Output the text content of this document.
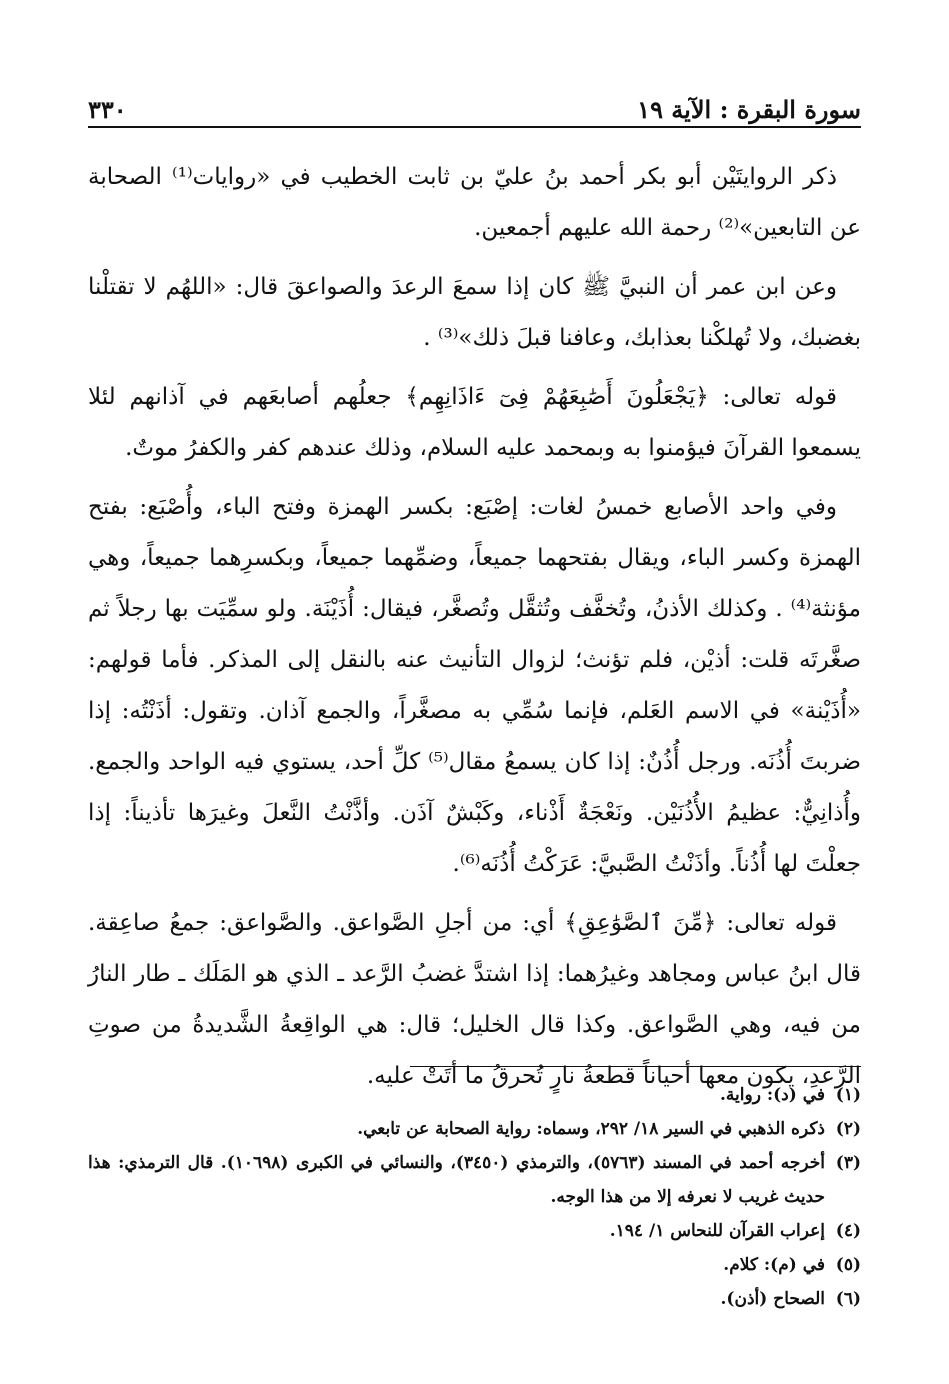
سورة البقرة : الآية ١٩
٣٣٠

ذكر الروايتَيْن أبو بكر أحمد بنُ عليّ بن ثابت الخطيب في «روايات⁽¹⁾ الصحابة عن التابعين»⁽²⁾ رحمة الله عليهم أجمعين.

وعن ابن عمر أن النبيَّ ﷺ كان إذا سمعَ الرعدَ والصواعقَ قال: «اللهُم لا تقتلْنا بغضبك، ولا تُهلكْنا بعذابك، وعافنا قبلَ ذلك»⁽³⁾ .

قوله تعالى: ﴿يَجْعَلُونَ أَصَٰبِعَهُمْ فِىٓ ءَاذَانِهِم﴾ جعلُهم أصابعَهم في آذانهم لئلا يسمعوا القرآنَ فيؤمنوا به وبمحمد عليه السلام، وذلك عندهم كفر والكفرُ موتٌ.

وفي واحد الأصابع خمسُ لغات: إصْبَع: بكسر الهمزة وفتح الباء، وأُصْبَع: بفتح الهمزة وكسر الباء، ويقال بفتحهما جميعاً، وضمِّهما جميعاً، وبكسرِهما جميعاً، وهي مؤنثة⁽⁴⁾ . وكذلك الأذنُ، وتُخفَّف وتُثقَّل وتُصغَّر، فيقال: أُذَيْنَة. ولو سمِّيَت بها رجلاً ثم صغَّرتَه قلت: أذيْن، فلم تؤنث؛ لزوال التأنيث عنه بالنقل إلى المذكر. فأما قولهم: «أُذَيْنة» في الاسم العَلم، فإنما سُمِّي به مصغَّراً، والجمع آذان. وتقول: أذَنْتُه: إذا ضربتَ أُذُنَه. ورجل أُذُنٌ: إذا كان يسمعُ مقال⁽⁵⁾ كلِّ أحد، يستوي فيه الواحد والجمع. وأُذانِيٌّ: عظيمُ الأُذُنَيْن. ونَعْجَةٌ أَذْناء، وكَبْشٌ آذَن. وأذَّنْتُ النَّعلَ وغيرَها تأذيناً: إذا جعلْتَ لها أُذُناً. وأذَنْتُ الصَّبيَّ: عَرَكْتُ أُذُنَه⁽⁶⁾.

قوله تعالى: ﴿مِّنَ ٱلصَّوَٰعِقِ﴾ أي: من أجلِ الصَّواعق. والصَّواعق: جمعُ صاعِقة. قال ابنُ عباس ومجاهد وغيرُهما: إذا اشتدَّ غضبُ الرَّعد ـ الذي هو المَلَك ـ طار النارُ من فيه، وهي الصَّواعق. وكذا قال الخليل؛ قال: هي الواقِعةُ الشَّديدةُ من صوتِ الرَّعدِ، يكون معها أحياناً قطعةُ نارٍ تُحرقُ ما أتَتْ عليه.

(١)
في (د): رواية.
(٢)
ذكره الذهبي في السير ١٨/ ٢٩٢، وسماه: رواية الصحابة عن تابعي.
(٣)
أخرجه أحمد في المسند (٥٧٦٣)، والترمذي (٣٤٥٠)، والنسائي في الكبرى (١٠٦٩٨). قال الترمذي: هذا حديث غريب لا نعرفه إلا من هذا الوجه.
(٤)
إعراب القرآن للنحاس ١/ ١٩٤.
(٥)
في (م): كلام.
(٦)
الصحاح (أذن).
